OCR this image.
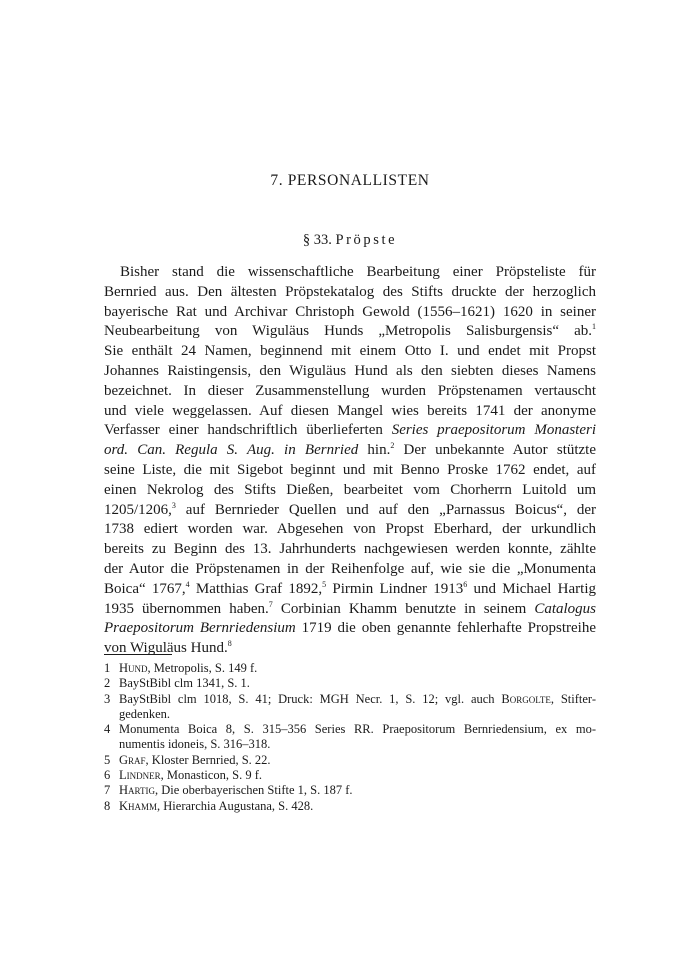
7. PERSONALLISTEN
§ 33. Pröpste
Bisher stand die wissenschaftliche Bearbeitung einer Pröpsteliste für
Bernried aus. Den ältesten Pröpstekatalog des Stifts druckte der herzoglich
bayerische Rat und Archivar Christoph Gewold (1556–1621) 1620 in seiner
Neubearbeitung von Wiguläus Hunds „Metropolis Salisburgensis“ ab.$^1$
Sie enthält 24 Namen, beginnend mit einem Otto I. und endet mit Propst
Johannes Raistingensis, den Wiguläus Hund als den siebten dieses Namens
bezeichnet. In dieser Zusammenstellung wurden Pröpstenamen vertauscht
und viele weggelassen. Auf diesen Mangel wies bereits 1741 der anonyme
Verfasser einer handschriftlich überlieferten Series praepositorum Monasteri
ord. Can. Regula S. Aug. in Bernried hin.$^2$ Der unbekannte Autor stützte
seine Liste, die mit Sigebot beginnt und mit Benno Proske 1762 endet, auf
einen Nekrolog des Stifts Dießen, bearbeitet vom Chorherrn Luitold um
1205/1206,$^3$ auf Bernrieder Quellen und auf den „Parnassus Boicus“, der
1738 ediert worden war. Abgesehen von Propst Eberhard, der urkundlich
bereits zu Beginn des 13. Jahrhunderts nachgewiesen werden konnte, zählte
der Autor die Pröpstenamen in der Reihenfolge auf, wie sie die „Monumenta
Boica“ 1767,$^4$ Matthias Graf 1892,$^5$ Pirmin Lindner 1913$^6$ und Michael Hartig
1935 übernommen haben.$^7$ Corbinian Khamm benutzte in seinem Catalogus
Praepositorum Bernriedensium 1719 die oben genannte fehlerhafte Propstreihe
von Wiguläus Hund.$^8$
1 Hund, Metropolis, S. 149 f.
2 BayStBibl clm 1341, S. 1.
3 BayStBibl clm 1018, S. 41; Druck: MGH Necr. 1, S. 12; vgl. auch Borgolte, Stifter-
gedenken.
4 Monumenta Boica 8, S. 315–356 Series RR. Praepositorum Bernriedensium, ex mo-
numentis idoneis, S. 316–318.
5 Graf, Kloster Bernried, S. 22.
6 Lindner, Monasticon, S. 9 f.
7 Hartig, Die oberbayerischen Stifte 1, S. 187 f.
8 Khamm, Hierarchia Augustana, S. 428.
